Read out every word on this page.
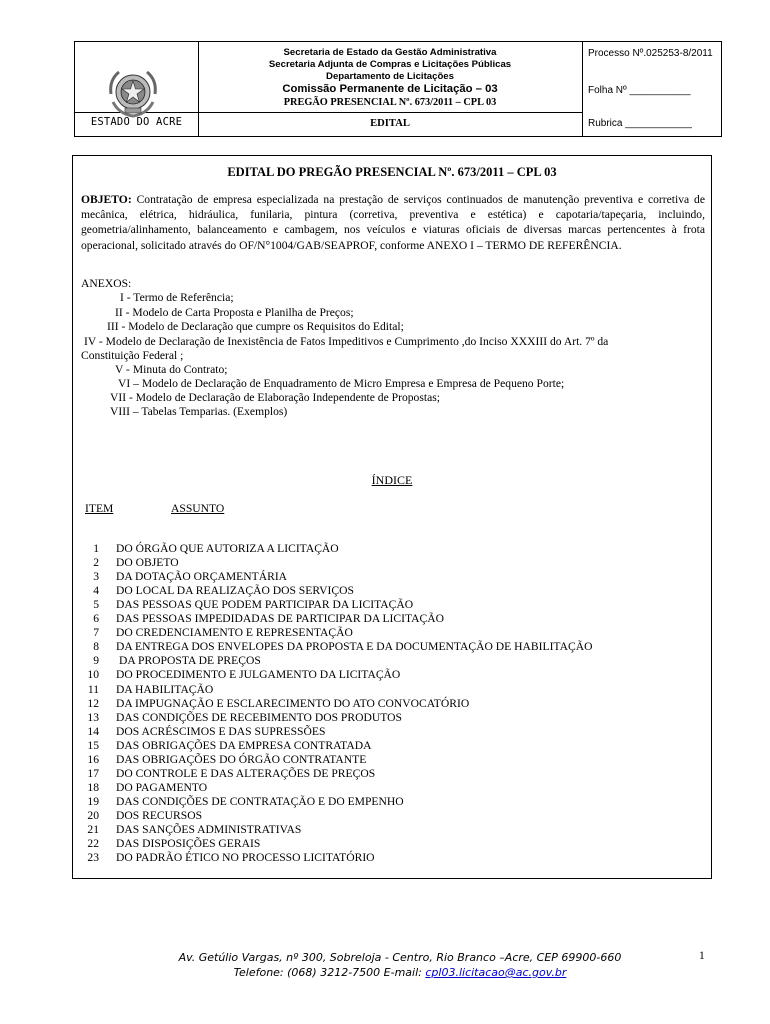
ESTADO DO ACRE
Secretaria de Estado da Gestão Administrativa
Secretaria Adjunta de Compras e Licitações Públicas
Departamento de Licitações
Comissão Permanente de Licitação – 03
PREGÃO PRESENCIAL Nº. 673/2011 – CPL 03
EDITAL
Processo Nº.025253-8/2011
Folha Nº ___________
Rubrica ____________
EDITAL DO PREGÃO PRESENCIAL Nº. 673/2011 – CPL 03
OBJETO: Contratação de empresa especializada na prestação de serviços continuados de manutenção preventiva e corretiva de mecânica, elétrica, hidráulica, funilaria, pintura (corretiva, preventiva e estética) e capotaria/tapeçaria, incluindo, geometria/alinhamento, balanceamento e cambagem, nos veículos e viaturas oficiais de diversas marcas pertencentes à frota operacional, solicitado através do OF/N°1004/GAB/SEAPROF, conforme ANEXO I – TERMO DE REFERÊNCIA.
ANEXOS:
I - Termo de Referência;
II - Modelo de Carta Proposta e Planilha de Preços;
III - Modelo de Declaração que cumpre os Requisitos do Edital;
IV - Modelo de Declaração de Inexistência de Fatos Impeditivos e Cumprimento ,do Inciso XXXIII do Art. 7º da
Constituição Federal ;
V - Minuta do Contrato;
VI – Modelo de Declaração de Enquadramento de Micro Empresa e Empresa de Pequeno Porte;
VII - Modelo de Declaração de Elaboração Independente de Propostas;
VIII – Tabelas Temparias. (Exemplos)
ÍNDICE
ITEM	ASSUNTO
1 DO ÓRGÃO QUE AUTORIZA A LICITAÇÃO
2 DO OBJETO
3 DA DOTAÇÃO ORÇAMENTÁRIA
4 DO LOCAL DA REALIZAÇÃO DOS SERVIÇOS
5 DAS PESSOAS QUE PODEM PARTICIPAR DA LICITAÇÃO
6 DAS PESSOAS IMPEDIDADAS DE PARTICIPAR DA LICITAÇÃO
7 DO CREDENCIAMENTO E REPRESENTAÇÃO
8 DA ENTREGA DOS ENVELOPES DA PROPOSTA E DA DOCUMENTAÇÃO DE HABILITAÇÃO
9 DA PROPOSTA DE PREÇOS
10 DO PROCEDIMENTO E JULGAMENTO DA LICITAÇÃO
11 DA HABILITAÇÃO
12 DA IMPUGNAÇÃO E ESCLARECIMENTO DO ATO CONVOCATÓRIO
13 DAS CONDIÇÕES DE RECEBIMENTO DOS PRODUTOS
14 DOS ACRÉSCIMOS E DAS SUPRESSÕES
15 DAS OBRIGAÇÕES DA EMPRESA CONTRATADA
16 DAS OBRIGAÇÕES DO ÓRGÃO CONTRATANTE
17 DO CONTROLE E DAS ALTERAÇÕES DE PREÇOS
18 DO PAGAMENTO
19 DAS CONDIÇÕES DE CONTRATAÇÃO E DO EMPENHO
20 DOS RECURSOS
21 DAS SANÇÕES ADMINISTRATIVAS
22 DAS DISPOSIÇÕES GERAIS
23 DO PADRÃO ÉTICO NO PROCESSO LICITATÓRIO
Av. Getúlio Vargas, nº 300, Sobreloja - Centro, Rio Branco –Acre, CEP 69900-660
Telefone: (068) 3212-7500 E-mail: cpl03.licitacao@ac.gov.br
1
